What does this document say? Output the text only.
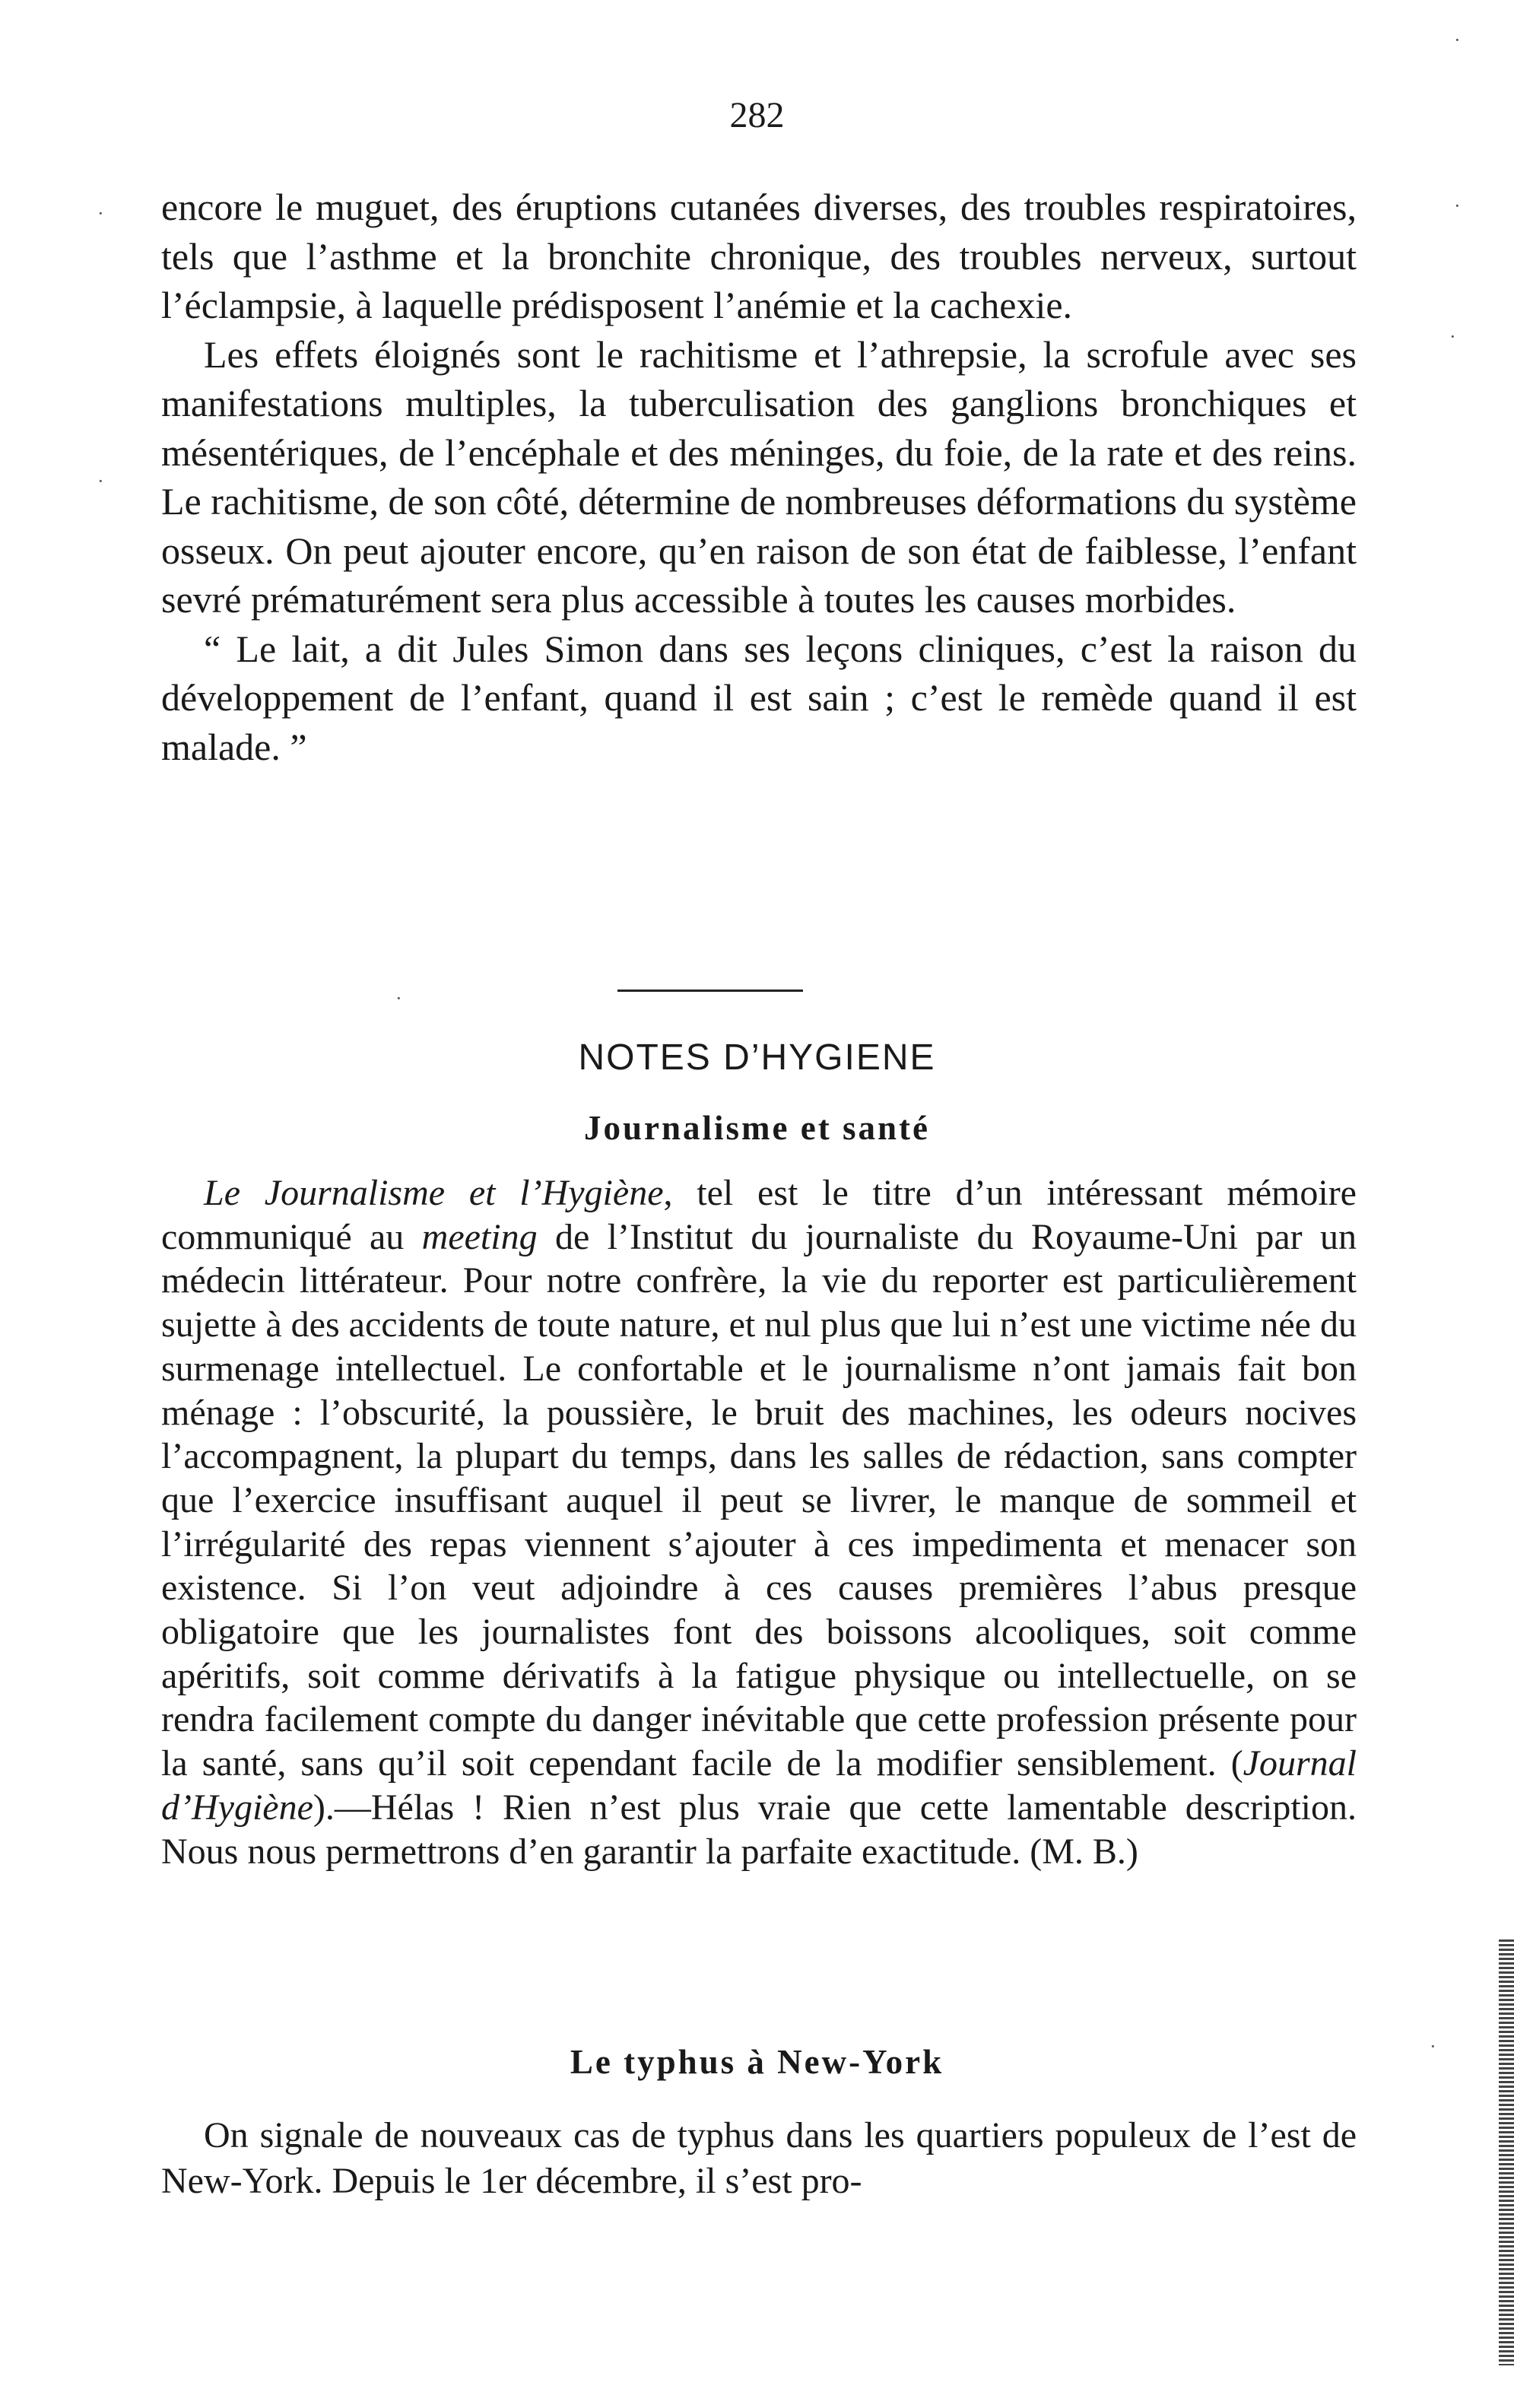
282

encore le muguet, des éruptions cutanées diverses, des troubles respiratoires, tels que l’asthme et la bronchite chronique, des troubles nerveux, surtout l’éclampsie, à laquelle prédisposent l’anémie et la cachexie.

Les effets éloignés sont le rachitisme et l’athrepsie, la scrofule avec ses manifestations multiples, la tuberculisation des ganglions bronchiques et mésentériques, de l’encéphale et des méninges, du foie, de la rate et des reins. Le rachitisme, de son côté, détermine de nombreuses déformations du système osseux. On peut ajouter encore, qu’en raison de son état de faiblesse, l’enfant sevré prématurément sera plus accessible à toutes les causes morbides.

“ Le lait, a dit Jules Simon dans ses leçons cliniques, c’est la raison du développement de l’enfant, quand il est sain ; c’est le remède quand il est malade. ”

NOTES D’HYGIENE
Journalisme et santé

Le Journalisme et l’Hygiène, tel est le titre d’un intéressant mémoire communiqué au meeting de l’Institut du journaliste du Royaume-Uni par un médecin littérateur. Pour notre confrère, la vie du reporter est particulièrement sujette à des accidents de toute nature, et nul plus que lui n’est une victime née du surmenage intellectuel. Le confortable et le journalisme n’ont jamais fait bon ménage : l’obscurité, la poussière, le bruit des machines, les odeurs nocives l’accompagnent, la plupart du temps, dans les salles de rédaction, sans compter que l’exercice insuffisant auquel il peut se livrer, le manque de sommeil et l’irrégularité des repas viennent s’ajouter à ces impedimenta et menacer son existence. Si l’on veut adjoindre à ces causes premières l’abus presque obligatoire que les journalistes font des boissons alcooliques, soit comme apéritifs, soit comme dérivatifs à la fatigue physique ou intellectuelle, on se rendra facilement compte du danger inévitable que cette profession présente pour la santé, sans qu’il soit cependant facile de la modifier sensiblement. (Journal d’Hygiène).—Hélas ! Rien n’est plus vraie que cette lamentable description. Nous nous permettrons d’en garantir la parfaite exactitude. (M. B.)

Le typhus à New-York

On signale de nouveaux cas de typhus dans les quartiers populeux de l’est de New-York. Depuis le 1er décembre, il s’est pro-

·
·
·
·
·
·
·
